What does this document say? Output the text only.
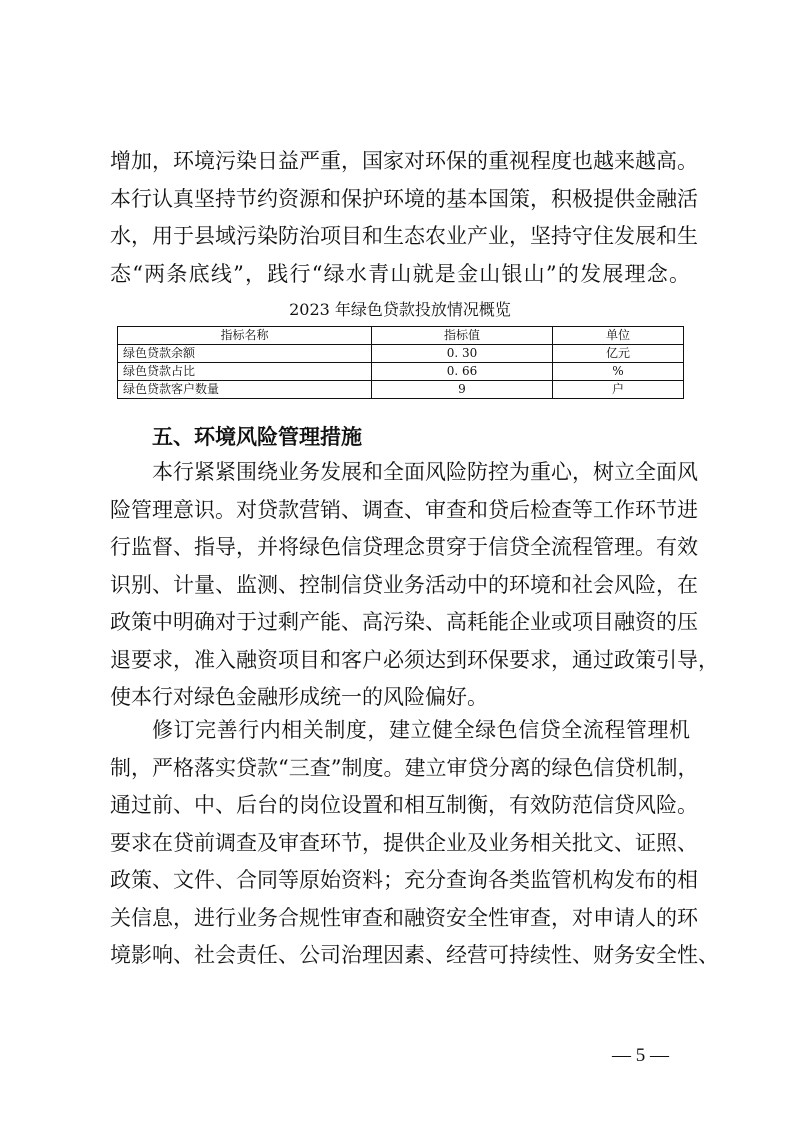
增加，环境污染日益严重，国家对环保的重视程度也越来越高。
本行认真坚持节约资源和保护环境的基本国策，积极提供金融活
水，用于县域污染防治项目和生态农业产业，坚持守住发展和生
态“两条底线”，践行“绿水青山就是金山银山”的发展理念。
2023 年绿色贷款投放情况概览
指标名称	指标值	单位
绿色贷款余额	0. 30	亿元
绿色贷款占比	0. 66	%
绿色贷款客户数量	9	户
五、环境风险管理措施
本行紧紧围绕业务发展和全面风险防控为重心，树立全面风
险管理意识。对贷款营销、调查、审查和贷后检查等工作环节进
行监督、指导，并将绿色信贷理念贯穿于信贷全流程管理。有效
识别、计量、监测、控制信贷业务活动中的环境和社会风险，在
政策中明确对于过剩产能、高污染、高耗能企业或项目融资的压
退要求，准入融资项目和客户必须达到环保要求，通过政策引导，
使本行对绿色金融形成统一的风险偏好。
修订完善行内相关制度，建立健全绿色信贷全流程管理机
制，严格落实贷款“三查”制度。建立审贷分离的绿色信贷机制，
通过前、中、后台的岗位设置和相互制衡，有效防范信贷风险。
要求在贷前调查及审查环节，提供企业及业务相关批文、证照、
政策、文件、合同等原始资料；充分查询各类监管机构发布的相
关信息，进行业务合规性审查和融资安全性审查，对申请人的环
境影响、社会责任、公司治理因素、经营可持续性、财务安全性、
— 5 —
